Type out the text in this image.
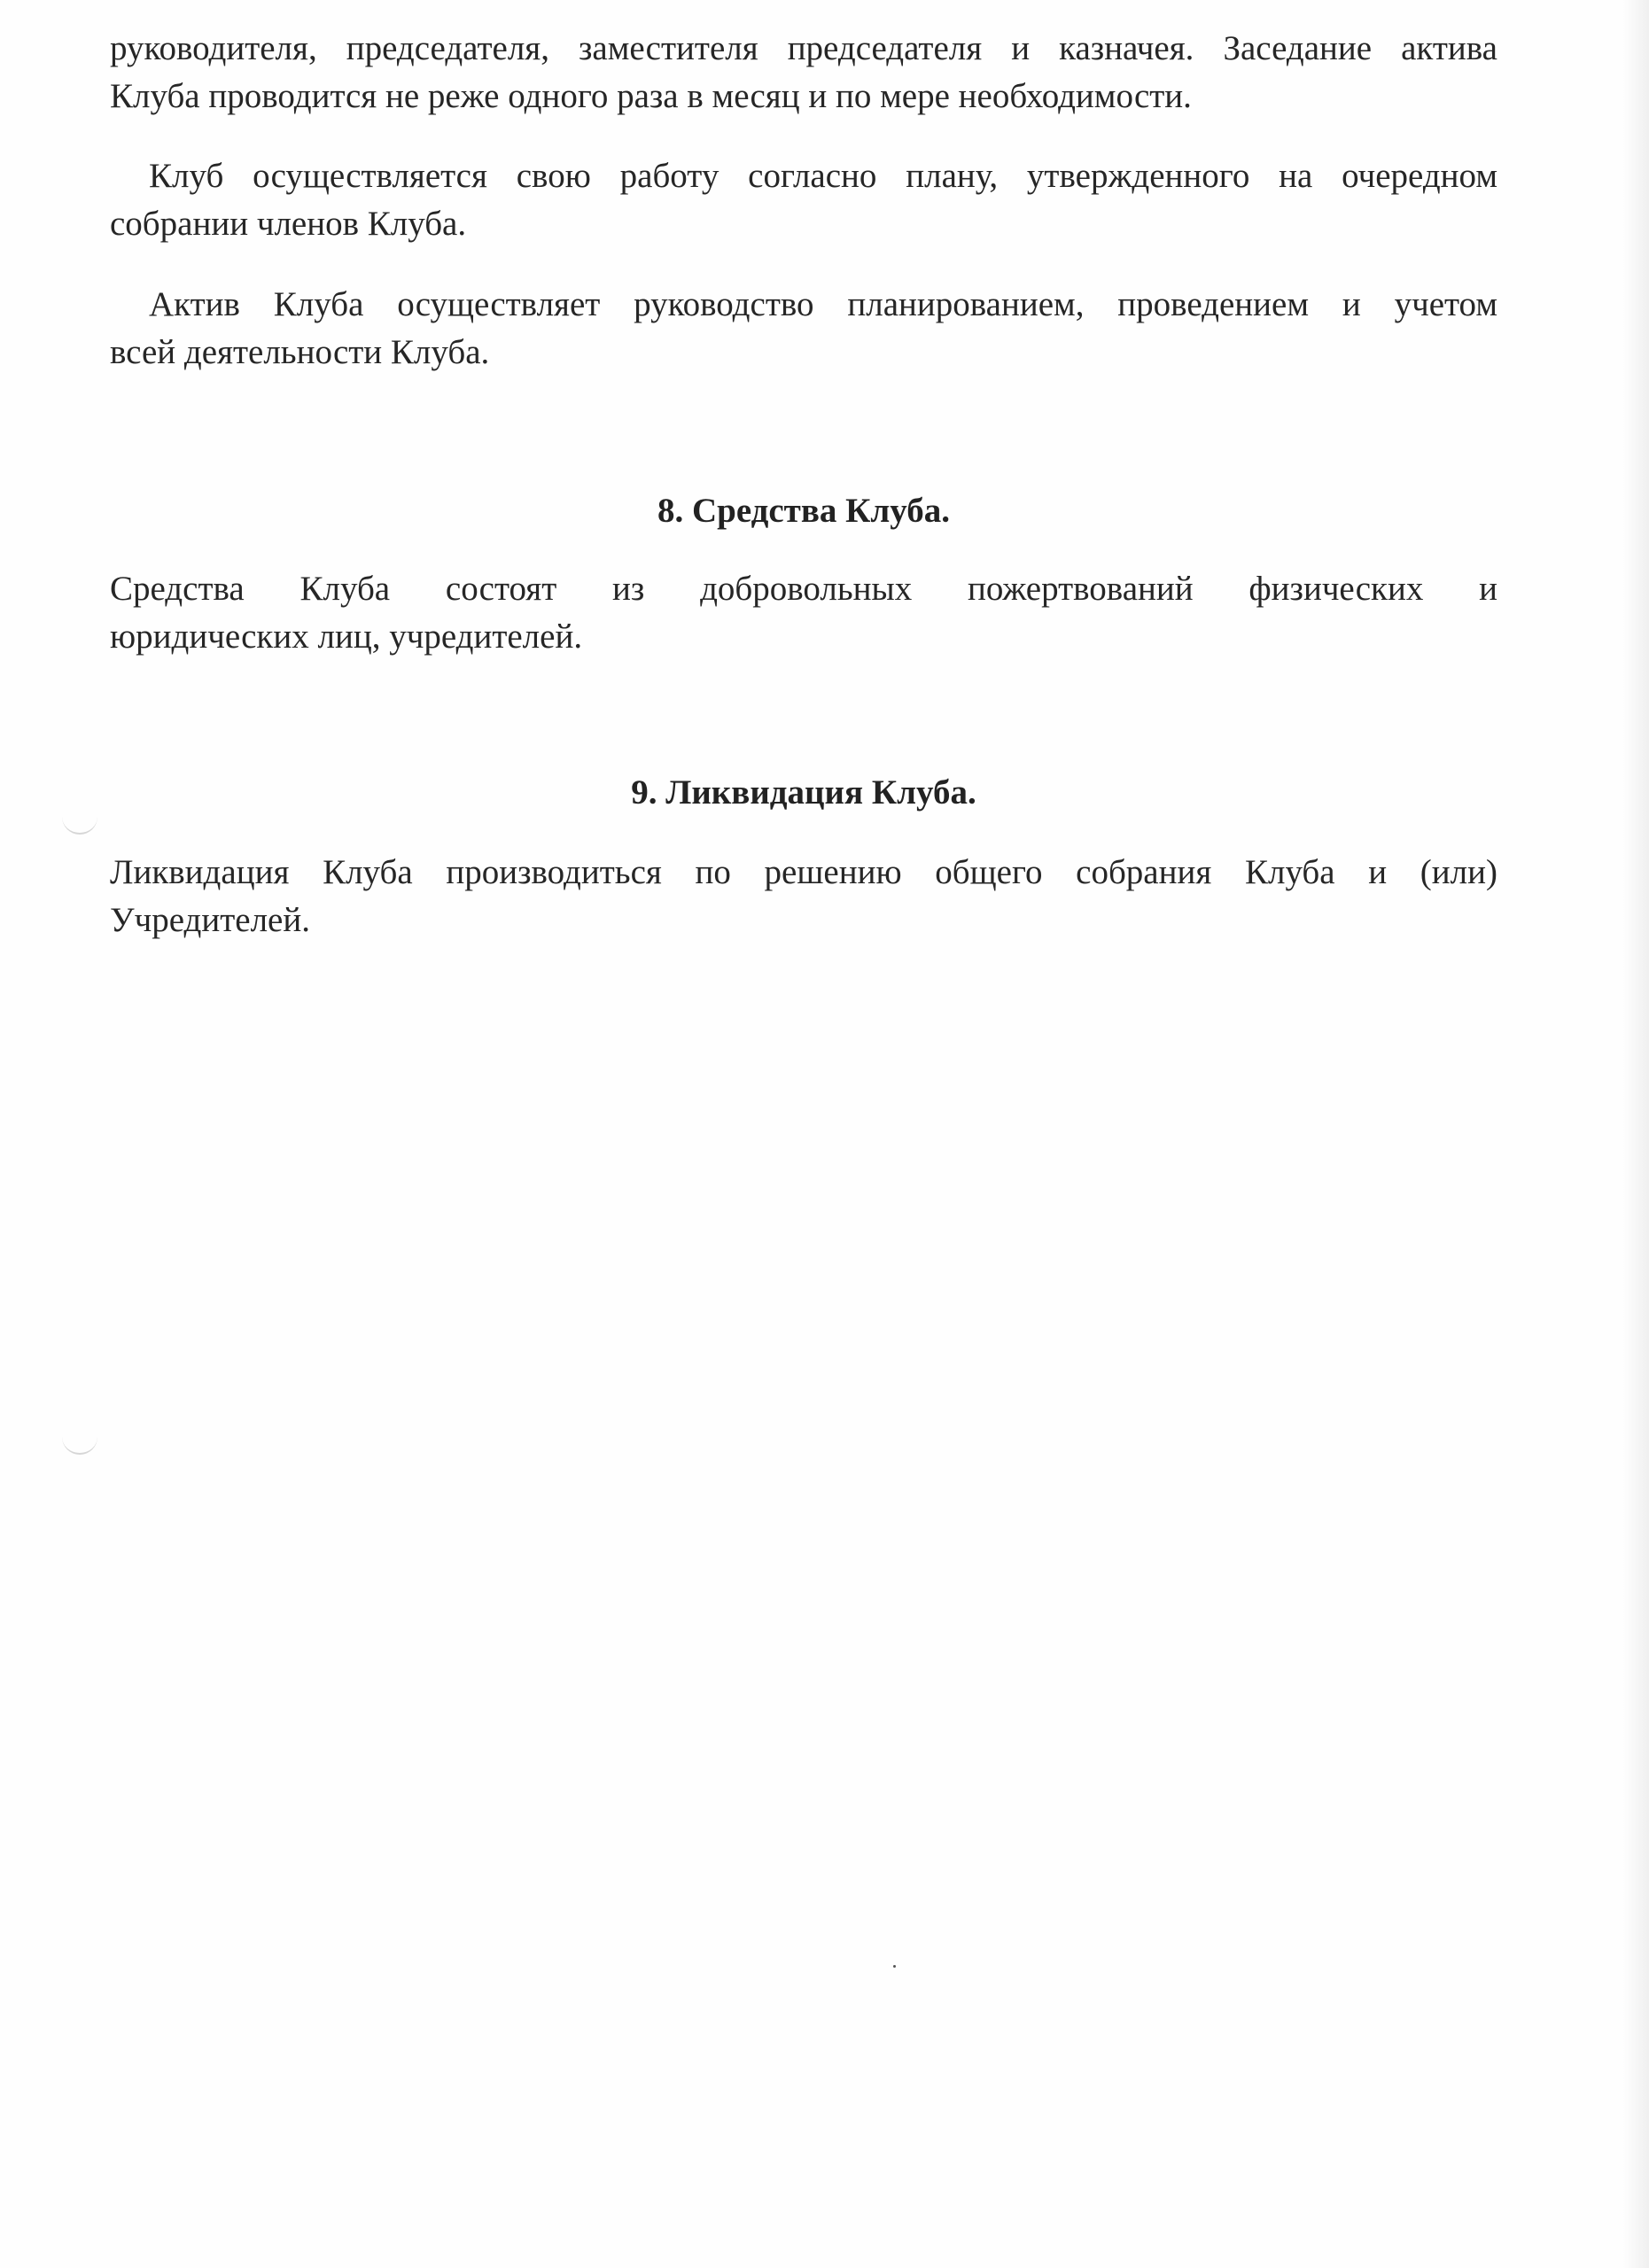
руководителя, председателя, заместителя председателя и казначея. Заседание актива
Клуба проводится не реже одного раза в месяц и по мере необходимости.
Клуб осуществляется свою работу согласно плану, утвержденного на очередном
собрании членов Клуба.
Актив Клуба осуществляет руководство планированием, проведением и учетом
всей деятельности Клуба.
8. Средства Клуба.
Средства Клуба состоят из добровольных пожертвований физических и
юридических лиц, учредителей.
9. Ликвидация Клуба.
Ликвидация Клуба производиться по решению общего собрания Клуба и (или)
Учредителей.
